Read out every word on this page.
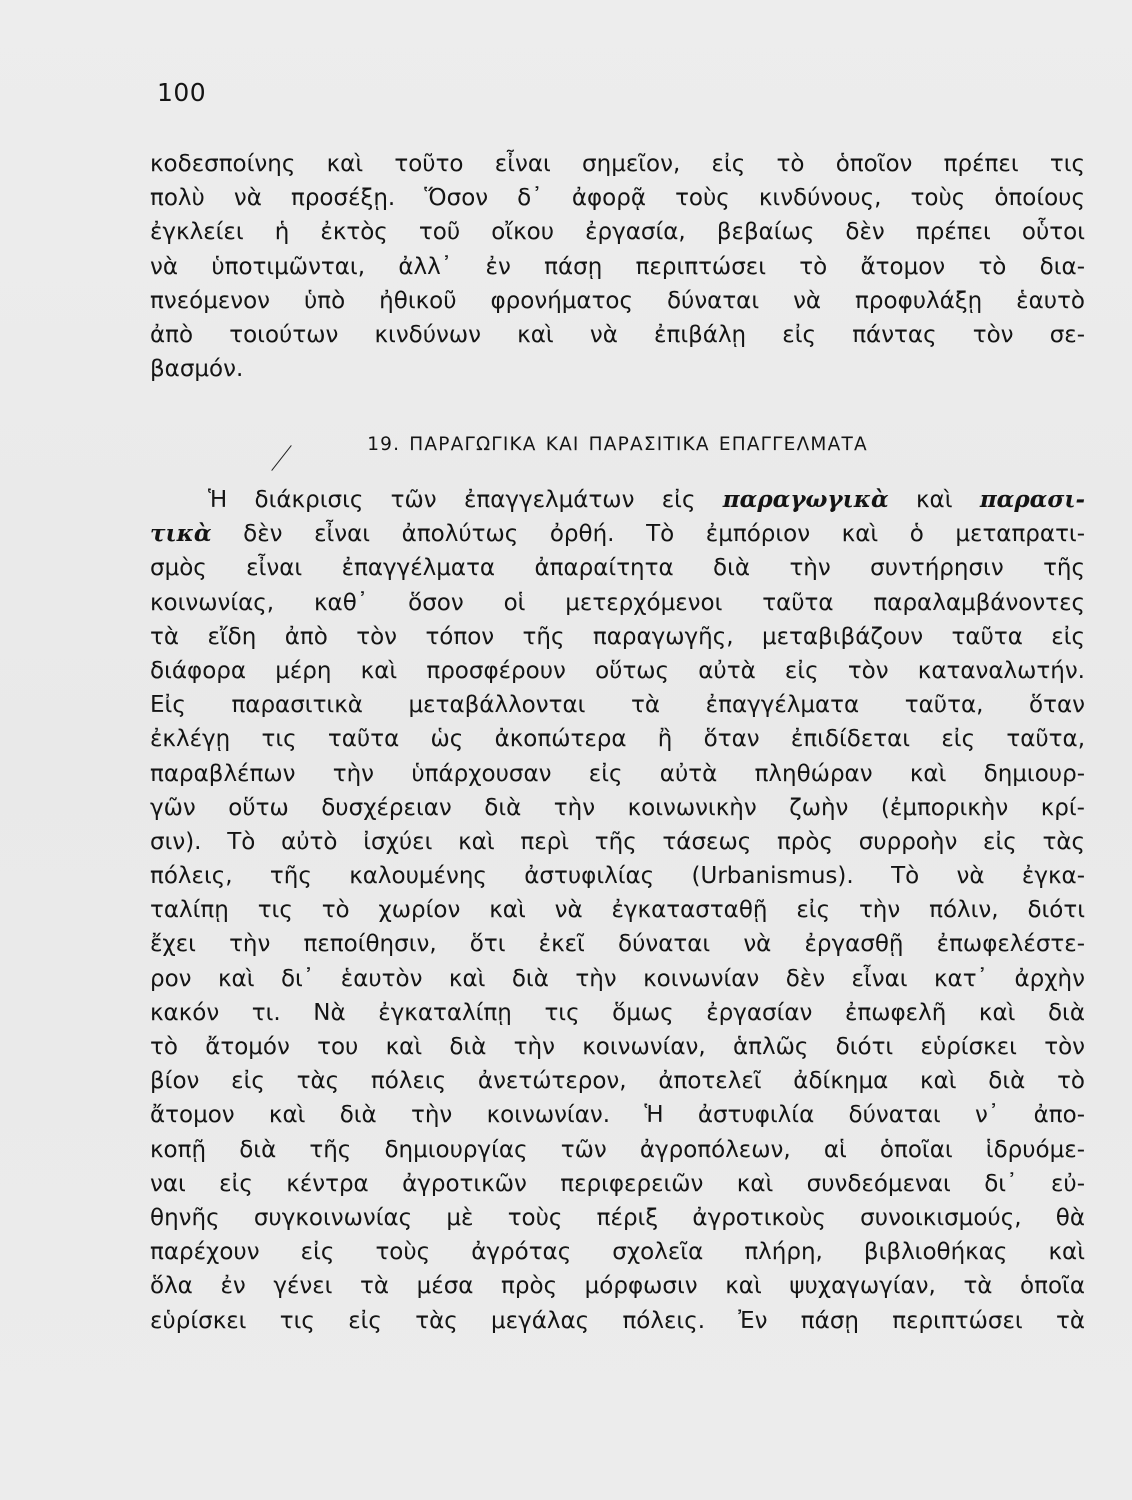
100
κοδεσποίνης καὶ τοῦτο εἶναι σημεῖον, εἰς τὸ ὁποῖον πρέπει τις
πολὺ νὰ προσέξῃ. Ὅσον δ᾽ ἀφορᾷ τοὺς κινδύνους, τοὺς ὁποίους
ἐγκλείει ἡ ἐκτὸς τοῦ οἴκου ἐργασία, βεβαίως δὲν πρέπει οὗτοι
νὰ ὑποτιμῶνται, ἀλλ᾽ ἐν πάσῃ περιπτώσει τὸ ἄτομον τὸ δια-
πνεόμενον ὑπὸ ἠθικοῦ φρονήματος δύναται νὰ προφυλάξῃ ἑαυτὸ
ἀπὸ τοιούτων κινδύνων καὶ νὰ ἐπιβάλῃ εἰς πάντας τὸν σε-
βασμόν.
19. ΠΑΡΑΓΩΓΙΚΑ ΚΑΙ ΠΑΡΑΣΙΤΙΚΑ ΕΠΑΓΓΕΛΜΑΤΑ
Ἡ διάκρισις τῶν ἐπαγγελμάτων εἰς παραγωγικὰ καὶ παρασι-
τικὰ δὲν εἶναι ἀπολύτως ὀρθή. Τὸ ἐμπόριον καὶ ὁ μεταπρατι-
σμὸς εἶναι ἐπαγγέλματα ἀπαραίτητα διὰ τὴν συντήρησιν τῆς
κοινωνίας, καθ᾽ ὅσον οἱ μετερχόμενοι ταῦτα παραλαμβάνοντες
τὰ εἴδη ἀπὸ τὸν τόπον τῆς παραγωγῆς, μεταβιβάζουν ταῦτα εἰς
διάφορα μέρη καὶ προσφέρουν οὕτως αὐτὰ εἰς τὸν καταναλωτήν.
Εἰς παρασιτικὰ μεταβάλλονται τὰ ἐπαγγέλματα ταῦτα, ὅταν
ἐκλέγῃ τις ταῦτα ὡς ἀκοπώτερα ἢ ὅταν ἐπιδίδεται εἰς ταῦτα,
παραβλέπων τὴν ὑπάρχουσαν εἰς αὐτὰ πληθώραν καὶ δημιουρ-
γῶν οὕτω δυσχέρειαν διὰ τὴν κοινωνικὴν ζωὴν (ἐμπορικὴν κρί-
σιν). Τὸ αὐτὸ ἰσχύει καὶ περὶ τῆς τάσεως πρὸς συρροὴν εἰς τὰς
πόλεις, τῆς καλουμένης ἀστυφιλίας (Urbanismus). Τὸ νὰ ἐγκα-
ταλίπῃ τις τὸ χωρίον καὶ νὰ ἐγκατασταθῇ εἰς τὴν πόλιν, διότι
ἔχει τὴν πεποίθησιν, ὅτι ἐκεῖ δύναται νὰ ἐργασθῇ ἐπωφελέστε-
ρον καὶ δι᾽ ἑαυτὸν καὶ διὰ τὴν κοινωνίαν δὲν εἶναι κατ᾽ ἀρχὴν
κακόν τι. Νὰ ἐγκαταλίπῃ τις ὅμως ἐργασίαν ἐπωφελῆ καὶ διὰ
τὸ ἄτομόν του καὶ διὰ τὴν κοινωνίαν, ἁπλῶς διότι εὑρίσκει τὸν
βίον εἰς τὰς πόλεις ἀνετώτερον, ἀποτελεῖ ἀδίκημα καὶ διὰ τὸ
ἄτομον καὶ διὰ τὴν κοινωνίαν. Ἡ ἀστυφιλία δύναται ν᾽ ἀπο-
κοπῇ διὰ τῆς δημιουργίας τῶν ἀγροπόλεων, αἱ ὁποῖαι ἱδρυόμε-
ναι εἰς κέντρα ἀγροτικῶν περιφερειῶν καὶ συνδεόμεναι δι᾽ εὐ-
θηνῆς συγκοινωνίας μὲ τοὺς πέριξ ἀγροτικοὺς συνοικισμούς, θὰ
παρέχουν εἰς τοὺς ἀγρότας σχολεῖα πλήρη, βιβλιοθήκας καὶ
ὅλα ἐν γένει τὰ μέσα πρὸς μόρφωσιν καὶ ψυχαγωγίαν, τὰ ὁποῖα
εὑρίσκει τις εἰς τὰς μεγάλας πόλεις. Ἐν πάσῃ περιπτώσει τὰ
